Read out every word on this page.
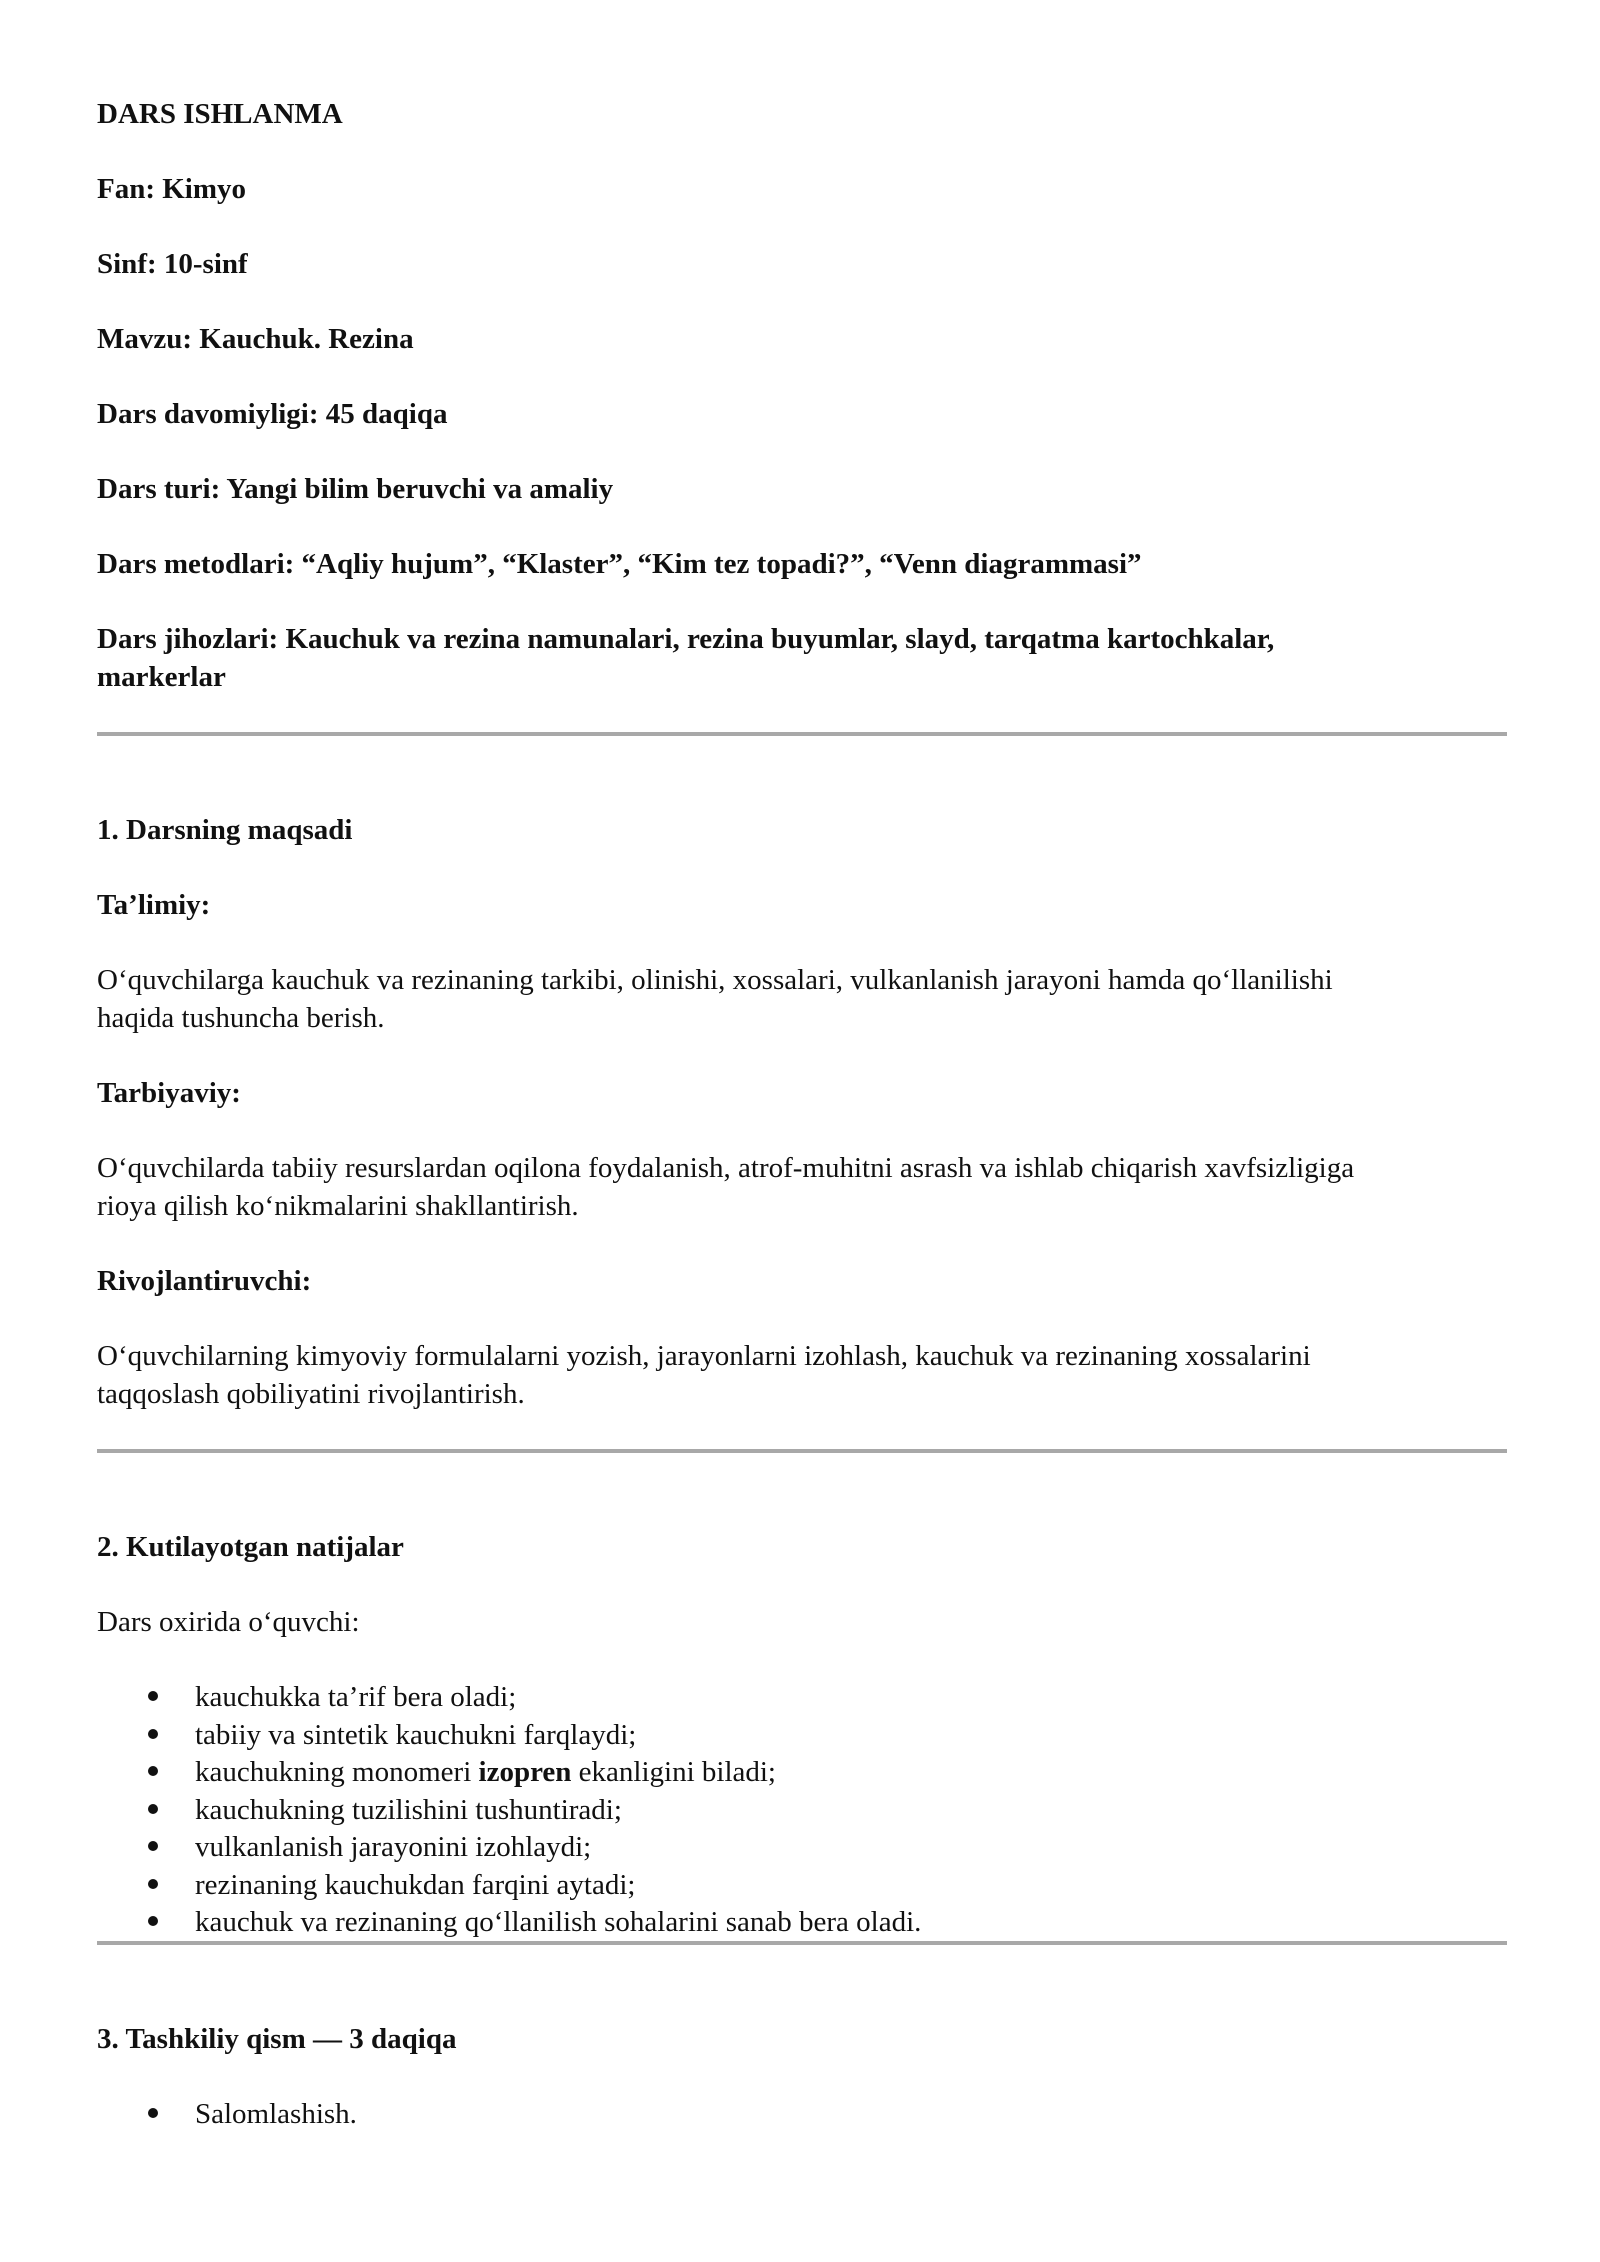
DARS ISHLANMA

Fan: Kimyo

Sinf: 10-sinf

Mavzu: Kauchuk. Rezina

Dars davomiyligi: 45 daqiqa

Dars turi: Yangi bilim beruvchi va amaliy

Dars metodlari: “Aqliy hujum”, “Klaster”, “Kim tez topadi?”, “Venn diagrammasi”

Dars jihozlari: Kauchuk va rezina namunalari, rezina buyumlar, slayd, tarqatma kartochkalar,
markerlar

1. Darsning maqsadi

Ta’limiy:

O‘quvchilarga kauchuk va rezinaning tarkibi, olinishi, xossalari, vulkanlanish jarayoni hamda qo‘llanilishi
haqida tushuncha berish.

Tarbiyaviy:

O‘quvchilarda tabiiy resurslardan oqilona foydalanish, atrof-muhitni asrash va ishlab chiqarish xavfsizligiga
rioya qilish ko‘nikmalarini shakllantirish.

Rivojlantiruvchi:

O‘quvchilarning kimyoviy formulalarni yozish, jarayonlarni izohlash, kauchuk va rezinaning xossalarini
taqqoslash qobiliyatini rivojlantirish.

2. Kutilayotgan natijalar

Dars oxirida o‘quvchi:

kauchukka ta’rif bera oladi;
tabiiy va sintetik kauchukni farqlaydi;
kauchukning monomeri izopren ekanligini biladi;
kauchukning tuzilishini tushuntiradi;
vulkanlanish jarayonini izohlaydi;
rezinaning kauchukdan farqini aytadi;
kauchuk va rezinaning qo‘llanilish sohalarini sanab bera oladi.

3. Tashkiliy qism — 3 daqiqa

Salomlashish.
